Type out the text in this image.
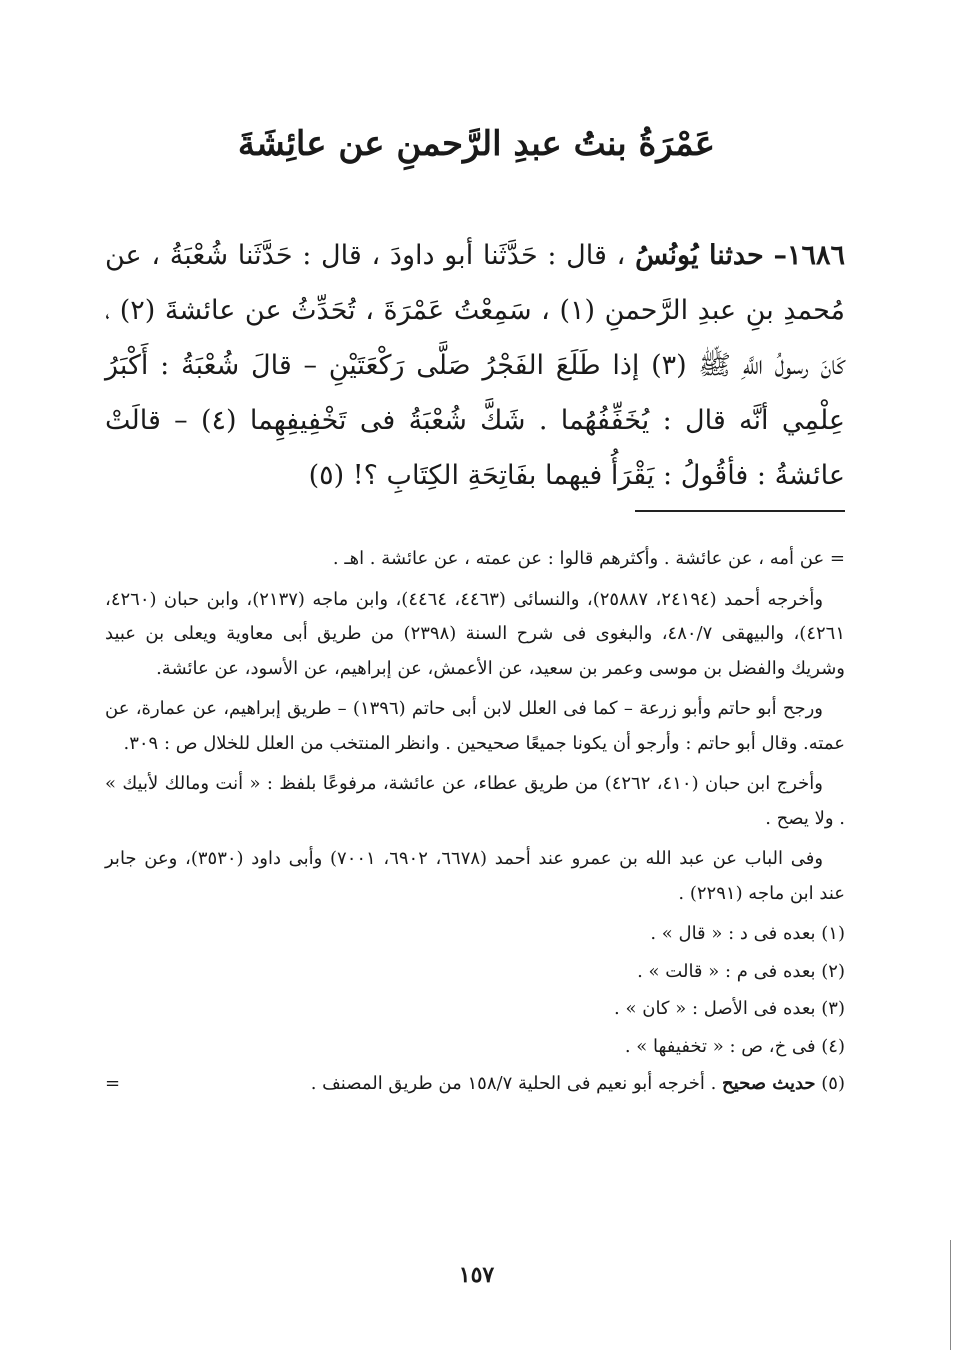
عَمْرَةُ بنتُ عبدِ الرَّحمنِ عن عائِشَةَ
١٦٨٦– حدثنا يُونُسُ ، قال : حَدَّثَنا أبو داودَ ، قال : حَدَّثَنا شُعْبَةُ ، عن مُحمدِ بنِ عبدِ الرَّحمنِ (١) ، سَمِعْتُ عَمْرَةَ ، تُحَدِّثُ عن عائشةَ (٢) ، كَانَ رسولُ اللَّهِ ﷺ (٣) إذا طَلَعَ الفَجْرُ صَلَّى رَكْعَتَيْنِ – قالَ شُعْبَةُ : أَكْبَرُ عِلْمِي أنَّه قال : يُخَفِّفُهُما . شَكَّ شُعْبَةُ فى تَخْفِيفِهِما (٤) – قالَتْ عائشةُ : فأقُولُ : يَقْرَأُ فيهما بفَاتِحَةِ الكِتَابِ ؟! (٥)

= عن أمه ، عن عائشة . وأكثرهم قالوا : عن عمته ، عن عائشة . اهـ .

وأخرجه أحمد (٢٤١٩٤، ٢٥٨٨٧)، والنسائى (٤٤٦٣، ٤٤٦٤)، وابن ماجه (٢١٣٧)، وابن حبان (٤٢٦٠، ٤٢٦١)، والبيهقى ٤٨٠/٧، والبغوى فى شرح السنة (٢٣٩٨) من طريق أبى معاوية ويعلى بن عبيد وشريك والفضل بن موسى وعمر بن سعيد، عن الأعمش، عن إبراهيم، عن الأسود، عن عائشة.

ورجح أبو حاتم وأبو زرعة – كما فى العلل لابن أبى حاتم (١٣٩٦) – طريق إبراهيم، عن عمارة، عن عمته. وقال أبو حاتم : وأرجو أن يكونا جميعًا صحيحين . وانظر المنتخب من العلل للخلال ص : ٣٠٩.

وأخرج ابن حبان (٤١٠، ٤٢٦٢) من طريق عطاء، عن عائشة، مرفوعًا بلفظ : « أنت ومالك لأبيك » . ولا يصح .

وفى الباب عن عبد الله بن عمرو عند أحمد (٦٦٧٨، ٦٩٠٢، ٧٠٠١) وأبى داود (٣٥٣٠)، وعن جابر عند ابن ماجه (٢٢٩١) .

(١) بعده فى د : « قال » .

(٢) بعده فى م : « قالت » .

(٣) بعده فى الأصل : « كان » .

(٤) فى خ، ص : « تخفيفها » .

(٥) حديث صحيح . أخرجه أبو نعيم فى الحلية ١٥٨/٧ من طريق المصنف .
=

١٥٧
